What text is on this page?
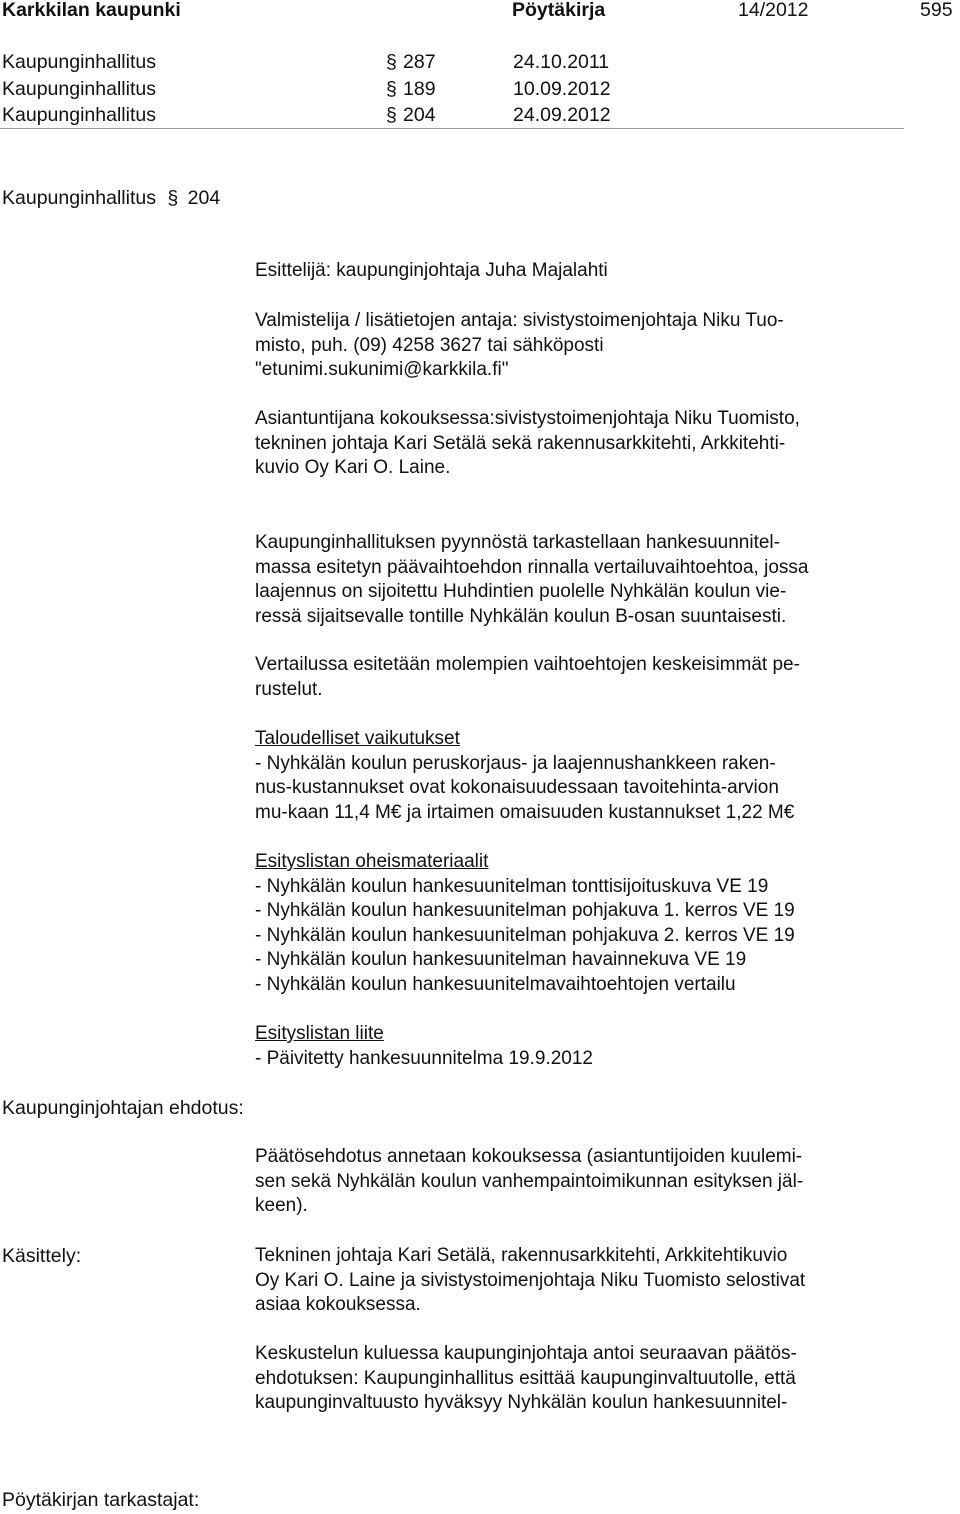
Karkkilan kaupunki	Pöytäkirja	14/2012	595
Kaupunginhallitus	§ 287	24.10.2011
Kaupunginhallitus	§ 189	10.09.2012
Kaupunginhallitus	§ 204	24.09.2012
Kaupunginhallitus § 204
Esittelijä: kaupunginjohtaja Juha Majalahti
Valmistelija / lisätietojen antaja: sivistystoimenjohtaja Niku Tuo-
misto, puh. (09) 4258 3627 tai sähköposti
"etunimi.sukunimi@karkkila.fi"
Asiantuntijana kokouksessa:sivistystoimenjohtaja Niku Tuomisto,
tekninen johtaja Kari Setälä sekä rakennusarkkitehti, Arkkitehti-
kuvio Oy Kari O. Laine.
Kaupunginhallituksen pyynnöstä tarkastellaan hankesuunnitel-
massa esitetyn päävaihtoehdon rinnalla vertailuvaihtoehtoa, jossa
laajennus on sijoitettu Huhdintien puolelle Nyhkälän koulun vie-
ressä sijaitsevalle tontille Nyhkälän koulun B-osan suuntaisesti.
Vertailussa esitetään molempien vaihtoehtojen keskeisimmät pe-
rustelut.
Taloudelliset vaikutukset
- Nyhkälän koulun peruskorjaus- ja laajennushankkeen raken-
nus-kustannukset ovat kokonaisuudessaan tavoitehinta-arvion
mu-kaan 11,4 M€ ja irtaimen omaisuuden kustannukset 1,22 M€
Esityslistan oheismateriaalit
- Nyhkälän koulun hankesuunitelman tonttisijoituskuva VE 19
- Nyhkälän koulun hankesuunitelman pohjakuva 1. kerros VE 19
- Nyhkälän koulun hankesuunitelman pohjakuva 2. kerros VE 19
- Nyhkälän koulun hankesuunitelman havainnekuva VE 19
- Nyhkälän koulun hankesuunitelmavaihtoehtojen vertailu
Esityslistan liite
- Päivitetty hankesuunnitelma 19.9.2012
Kaupunginjohtajan ehdotus:
Päätösehdotus annetaan kokouksessa (asiantuntijoiden kuulemi-
sen sekä Nyhkälän koulun vanhempaintoimikunnan esityksen jäl-
keen).
Käsittely:	Tekninen johtaja Kari Setälä, rakennusarkkitehti, Arkkitehtikuvio
Oy Kari O. Laine ja sivistystoimenjohtaja Niku Tuomisto selostivat
asiaa kokouksessa.
Keskustelun kuluessa kaupunginjohtaja antoi seuraavan päätös-
ehdotuksen: Kaupunginhallitus esittää kaupunginvaltuutolle, että
kaupunginvaltuusto hyväksyy Nyhkälän koulun hankesuunnitel-
Pöytäkirjan tarkastajat:
